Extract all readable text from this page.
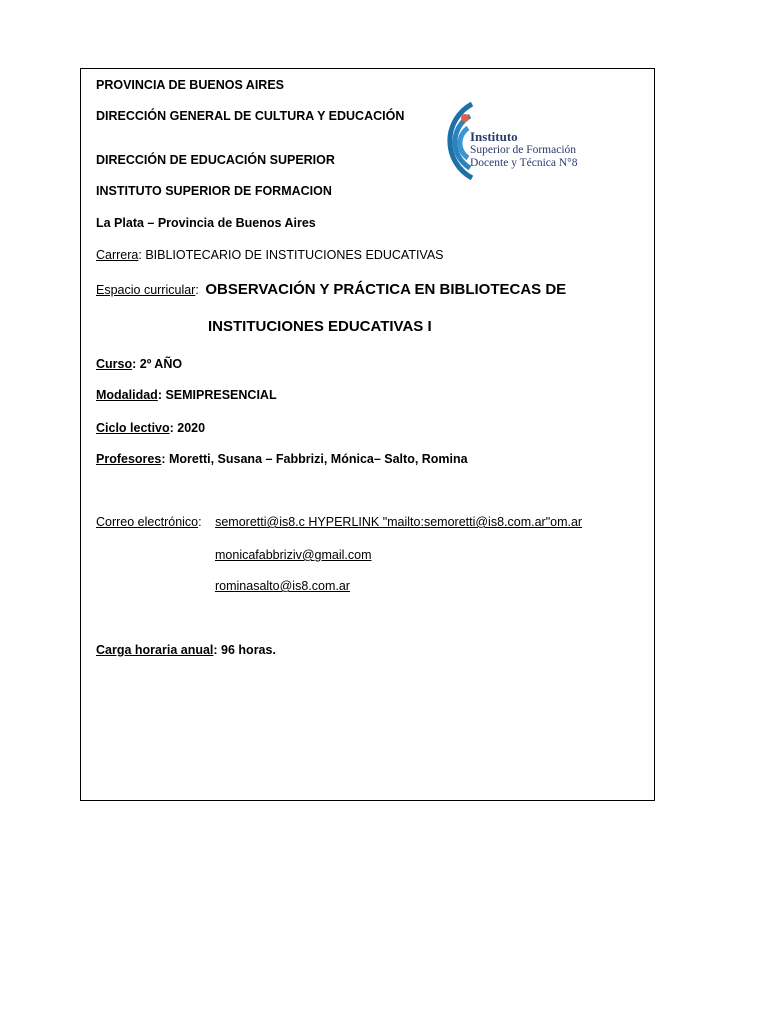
PROVINCIA DE BUENOS AIRES
DIRECCIÓN GENERAL DE CULTURA Y EDUCACIÓN
DIRECCIÓN DE EDUCACIÓN SUPERIOR
INSTITUTO SUPERIOR DE FORMACION
La Plata – Provincia de Buenos Aires
Instituto
Superior de Formación
Docente y Técnica N°8
Carrera: BIBLIOTECARIO DE INSTITUCIONES EDUCATIVAS
Espacio curricular: OBSERVACIÓN Y PRÁCTICA EN BIBLIOTECAS DE
INSTITUCIONES EDUCATIVAS I
Curso: 2º AÑO
Modalidad: SEMIPRESENCIAL
Ciclo lectivo: 2020
Profesores: Moretti, Susana – Fabbrizi, Mónica– Salto, Romina
Correo electrónico: semoretti@is8.c HYPERLINK "mailto:semoretti@is8.com.ar"om.ar
monicafabbriziv@gmail.com
rominasalto@is8.com.ar
Carga horaria anual: 96 horas.
